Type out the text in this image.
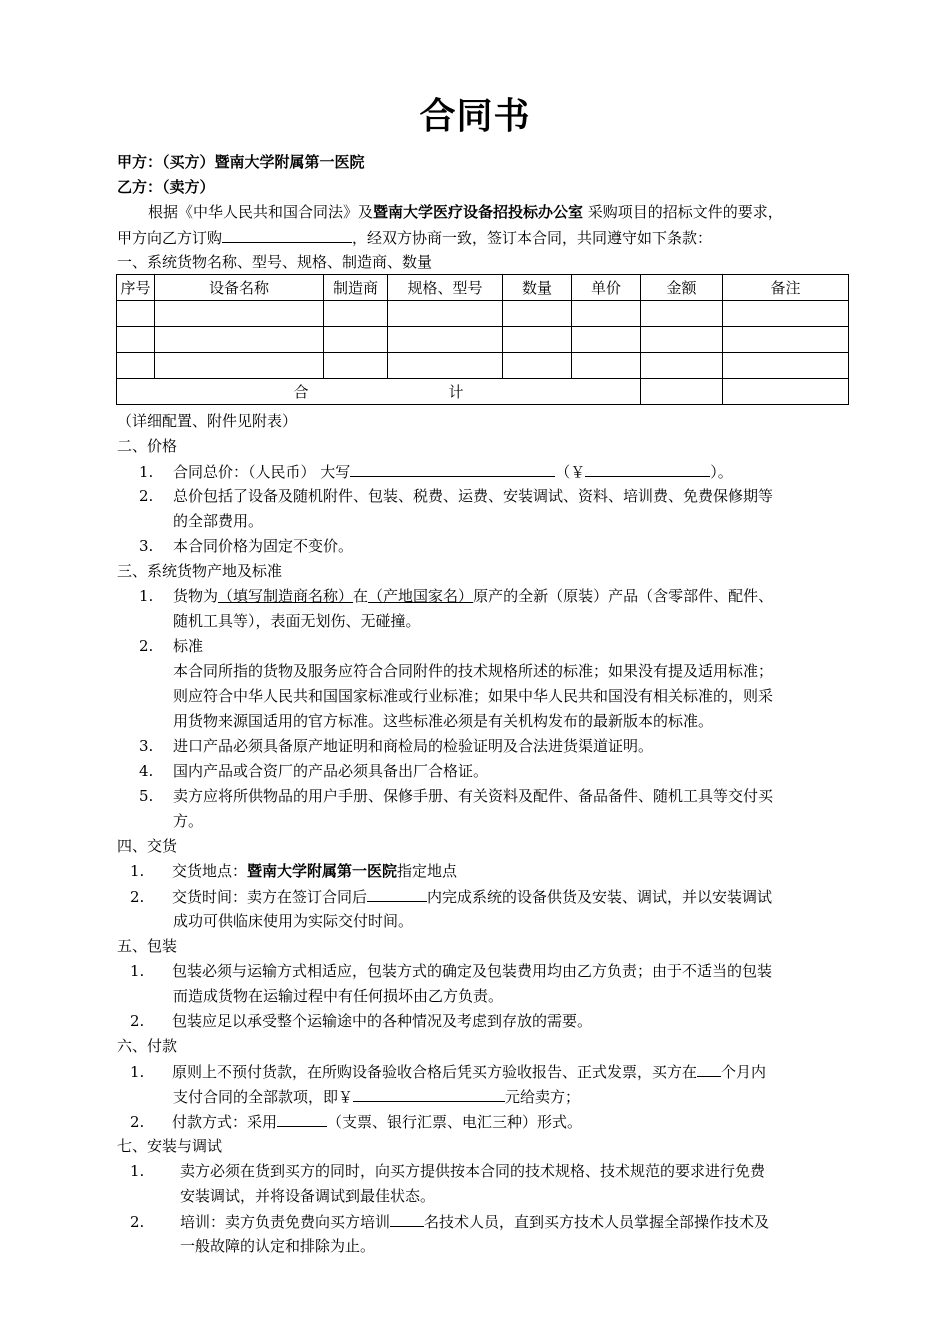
合同书
甲方：（买方）暨南大学附属第一医院
乙方：（卖方）
根据《中华人民共和国合同法》及暨南大学医疗设备招投标办公室 采购项目的招标文件的要求，
甲方向乙方订购	，经双方协商一致，签订本合同，共同遵守如下条款：
一、系统货物名称、型号、规格、制造商、数量
序号	设备名称	制造商	规格、型号	数量	单价	金额	备注

合 计							
（详细配置、附件见附表）
二、价格
1. 合同总价：（人民币） 大写	（￥	）。
2. 总价包括了设备及随机附件、包装、税费、运费、安装调试、资料、培训费、免费保修期等
的全部费用。
3. 本合同价格为固定不变价。
三、系统货物产地及标准
1. 货物为（填写制造商名称）在（产地国家名）原产的全新（原装）产品（含零部件、配件、
随机工具等），表面无划伤、无碰撞。
2. 标准
本合同所指的货物及服务应符合合同附件的技术规格所述的标准；如果没有提及适用标准；
则应符合中华人民共和国国家标准或行业标准；如果中华人民共和国没有相关标准的，则采
用货物来源国适用的官方标准。这些标准必须是有关机构发布的最新版本的标准。
3. 进口产品必须具备原产地证明和商检局的检验证明及合法进货渠道证明。
4. 国内产品或合资厂的产品必须具备出厂合格证。
5. 卖方应将所供物品的用户手册、保修手册、有关资料及配件、备品备件、随机工具等交付买
方。
四、交货
1. 交货地点：暨南大学附属第一医院指定地点
2. 交货时间：卖方在签订合同后	内完成系统的设备供货及安装、调试，并以安装调试
成功可供临床使用为实际交付时间。
五、包装
1. 包装必须与运输方式相适应，包装方式的确定及包装费用均由乙方负责；由于不适当的包装
而造成货物在运输过程中有任何损坏由乙方负责。
2. 包装应足以承受整个运输途中的各种情况及考虑到存放的需要。
六、付款
1. 原则上不预付货款，在所购设备验收合格后凭买方验收报告、正式发票，买方在 个月内
支付合同的全部款项，即￥	元给卖方；
2. 付款方式：采用	（支票、银行汇票、电汇三种）形式。
七、安装与调试
1. 卖方必须在货到买方的同时，向买方提供按本合同的技术规格、技术规范的要求进行免费
安装调试，并将设备调试到最佳状态。
2. 培训：卖方负责免费向买方培训 名技术人员，直到买方技术人员掌握全部操作技术及
一般故障的认定和排除为止。
